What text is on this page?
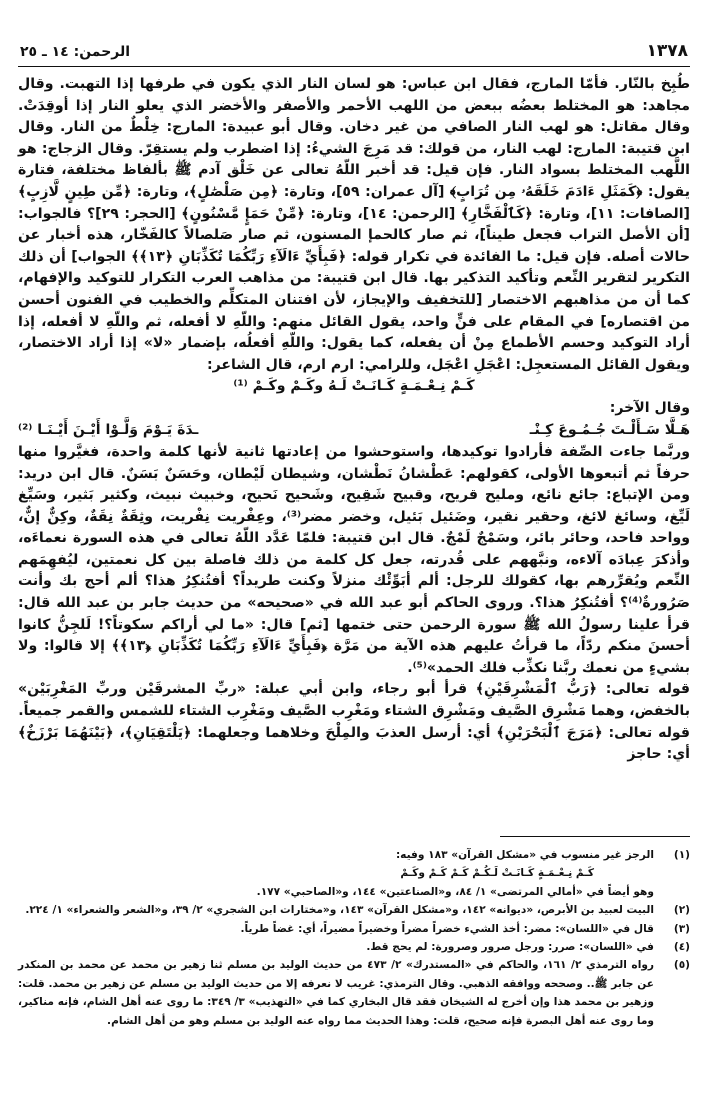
١٣٧٨
الرحمن: ١٤ ـ ٢٥

طُبِخ بالنّار. فأمّا المارج، فقال ابن عباس: هو لسان النار الذي يكون في طرفها إذا التهبت. وقال مجاهد: هو المختلط بعضُه ببعض من اللهب الأحمر والأصفر والأخضر الذي يعلو النار إذا أوقِدَتْ. وقال مقاتل: هو لهب النار الصافي من غير دخان. وقال أبو عبيدة: المارج: خِلْطٌ من النار. وقال ابن قتيبة: المارج: لهب النار، من قولك: قد مَرِجَ الشيءُ: إذا اضطرب ولم يستقِرّ. وقال الزجاج: هو اللَّهب المختلط بسواد النار. فإن قيل: قد أخبر اللّهُ تعالى عن خَلْق آدم ﷺ بألفاظ مختلفة، فتارة يقول: ﴿كَمَثَلِ ءَادَمَ خَلَقَهُۥ مِن تُرَابٍ﴾ [آل عمران: ٥٩]، وتارة: ﴿مِن صَلْصَٰلٍ﴾، وتارة: ﴿مِّن طِينٍ لَّازِبٍ﴾ [الصافات: ١١]، وتارة: ﴿كَٱلْفَخَّارِ﴾ [الرحمن: ١٤]، وتارة: ﴿مِّنْ حَمَإٍ مَّسْنُونٍ﴾ [الحجر: ٢٩]؟ فالجواب: [أن الأصل التراب فجعل طيناً]، ثم صار كالحمإ المسنون، ثم صار صَلصالاً كالفَخّار، هذه أخبار عن حالات أصله. فإن قيل: ما الفائدة في تكرار قوله: ﴿فَبِأَيِّ ءَالَآءِ رَبِّكُمَا تُكَذِّبَانِ ﴿١٣﴾﴾ الجواب] أن ذلك التكرير لتقرير النِّعم وتأكيد التذكير بها. قال ابن قتيبة: من مذاهب العرب التكرار للتوكيد والإفهام، كما أن من مذاهبهم الاختصار [للتخفيف والإيجاز، لأن افتنان المتكلِّم والخطيب في الفنون أحسن من اقتصاره] في المقام على فنٍّ واحد، يقول القائل منهم: واللّهِ لا أفعله، ثم واللّهِ لا أفعله، إذا أراد التوكيد وحسم الأطماع مِنْ أن يفعله، كما يقول: واللّهِ أفعلُه، بإضمار «لا» إذا أراد الاختصار، ويقول القائل المستعجِل: اعْجَلِ اعْجَل، وللرامي: ارم ارم، قال الشاعر:

كَـمْ نِـعْـمَـةٍ كَـانَـتْ لَـهُ وكَـمْ وكَـمْ ⁽¹⁾

وقال الآخر:

هَـلَّا سَـأَلْـتَ جُـمُـوعَ كِـنْـ
ـدَةَ يَـوْمَ وَلَّـوْا أَيْـنَ أَيْـنَـا ⁽²⁾

وربَّما جاءت الصِّفة فأرادوا توكيدها، واستوحشوا من إعادتها ثانية لأنها كلمة واحدة، فغيَّروا منها حرفاً ثم أتبعوها الأولى، كقولهم: عَطْشانُ نَطْشان، وشيطان لَيْطان، وحَسَنٌ بَسَنٌ. قال ابن دريد: ومن الإتباع: جائع نائع، ومليح قريح، وقبيح شَقِيح، وشَحيح نَحيح، وخبيث نبيث، وكثير بَثير، وسَيِّغ لَيِّغ، وسائغ لائغ، وحقير نقير، وضَئيل بَئيل، وخضر مضر⁽³⁾، وعِفْريت نِفْريت، وثِقَةٌ نِقَةٌ، وكِنٌّ إنٌّ، وواحد فاحد، وحائر بائر، وسَمْجٌ لَمْجٌ. قال ابن قتيبة: فلمّا عَدَّد اللّهُ تعالى في هذه السورة نعماءَه، وأذكرَ عِبادَه آلاءه، ونبَّههم على قُدرته، جعل كل كلمة من ذلك فاصلة بين كل نعمتين، ليُفهِمَهم النِّعم ويُقرِّرهم بها، كقولك للرجل: ألم أبَوِّئْك منزلاً وكنت طريداً؟ أفتُنكِرُ هذا؟ ألم أحج بك وأنت صَرُورةٌ⁽⁴⁾؟ أفتُنكِرُ هذا؟. وروى الحاكم أبو عبد الله في «صحيحه» من حديث جابر بن عبد الله قال: قرأ علينا رسولُ الله ﷺ سورة الرحمن حتى ختمها [ثم] قال: «ما لي أراكم سكوتاً؟! لَلجِنُّ كانوا أحسنَ منكم ردّاً، ما قرأتُ عليهم هذه الآية من مَرَّة ﴿فَبِأَيِّ ءَالَآءِ رَبِّكُمَا تُكَذِّبَانِ ﴿١٣﴾﴾ إلا قالوا: ولا بشيءٍ من نعمك ربَّنا نكذِّب فلك الحمد»⁽⁵⁾.

قوله تعالى: ﴿رَبُّ ٱلْمَشْرِقَيْنِ﴾ قرأ أبو رجاء، وابن أبي عبلة: «ربِّ المشرقَيْن وربِّ المَغْرِبَيْن» بالخفض، وهما مَشْرِق الصَّيف ومَشْرِق الشتاء ومَغْرِب الصَّيف ومَغْرِب الشتاء للشمس والقمر جميعاً.

قوله تعالى: ﴿مَرَجَ ٱلْبَحْرَيْنِ﴾ أي: أرسل العذبَ والمِلْحَ وخلاهما وجعلهما: ﴿يَلْتَقِيَانِ﴾، ﴿بَيْنَهُمَا بَرْزَخٌ﴾ أي: حاجز

(١)
الرجز غير منسوب في «مشكل القرآن» ١٨٣ وفيه:
كَـمْ نِـعْـمَـةٍ كَـانَـتْ لَـكُـمْ كَـمْ كَـمْ وكَـمْ
وهو أيضاً في «أمالي المرتضى» ١/ ٨٤، و«الصناعتين» ١٤٤، و«الصاحبي» ١٧٧.
(٢)
البيت لعبيد بن الأبرص، «ديوانه» ١٤٢، و«مشكل القرآن» ١٤٣، و«مختارات ابن الشجري» ٢/ ٣٩، و«الشعر والشعراء» ١/ ٢٢٤.
(٣)
قال في «اللسان»: مضر: أخذ الشيء خضراً مضراً وخضيراً مضيراً، أي: غضاً طرياً.
(٤)
في «اللسان»: صرر: ورجل صرور وصرورة: لم يحج قط.
(٥)
رواه الترمذي ٢/ ١٦١، والحاكم في «المستدرك» ٢/ ٤٧٣ من حديث الوليد بن مسلم ثنا زهير بن محمد عن محمد بن المنكدر عن جابر ﷺ.. وصححه ووافقه الذهبي. وقال الترمذي: غريب لا نعرفه إلا من حديث الوليد بن مسلم عن زهير بن محمد. قلت: وزهير بن محمد هذا وإن أخرج له الشيخان فقد قال البخاري كما في «التهذيب» ٣/ ٣٤٩: ما روى عنه أهل الشام، فإنه مناكير، وما روى عنه أهل البصرة فإنه صحيح، قلت: وهذا الحديث مما رواه عنه الوليد بن مسلم وهو من أهل الشام.
